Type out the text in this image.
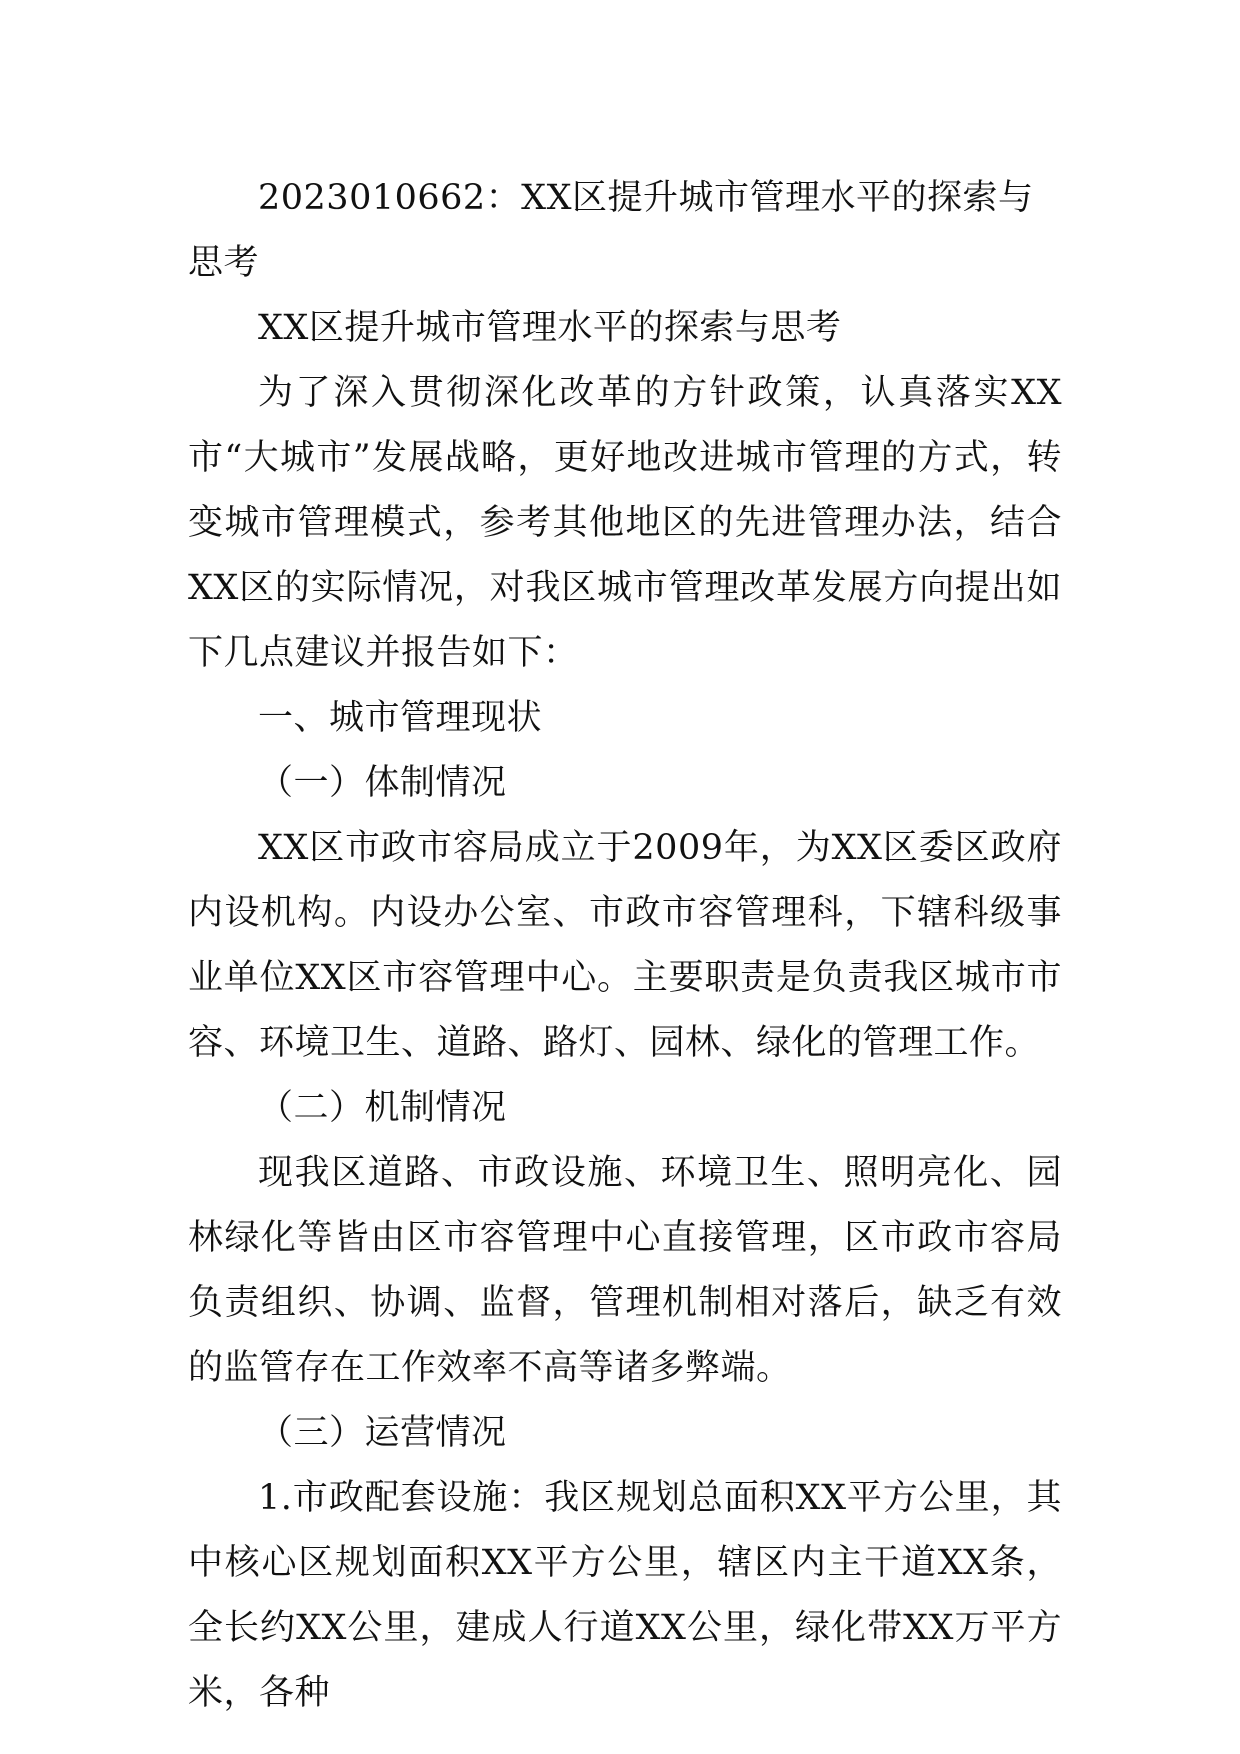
2023010662：XX区提升城市管理水平的探索与思考

XX区提升城市管理水平的探索与思考

为了深入贯彻深化改革的方针政策，认真落实XX市“大城市”发展战略，更好地改进城市管理的方式，转变城市管理模式，参考其他地区的先进管理办法，结合XX区的实际情况，对我区城市管理改革发展方向提出如下几点建议并报告如下：

一、城市管理现状

（一）体制情况

XX区市政市容局成立于2009年，为XX区委区政府内设机构。内设办公室、市政市容管理科，下辖科级事业单位XX区市容管理中心。主要职责是负责我区城市市容、环境卫生、道路、路灯、园林、绿化的管理工作。

（二）机制情况

现我区道路、市政设施、环境卫生、照明亮化、园林绿化等皆由区市容管理中心直接管理，区市政市容局负责组织、协调、监督，管理机制相对落后，缺乏有效的监管存在工作效率不高等诸多弊端。

（三）运营情况

1.市政配套设施：我区规划总面积XX平方公里，其中核心区规划面积XX平方公里，辖区内主干道XX条，全长约XX公里，建成人行道XX公里，绿化带XX万平方米，各种
